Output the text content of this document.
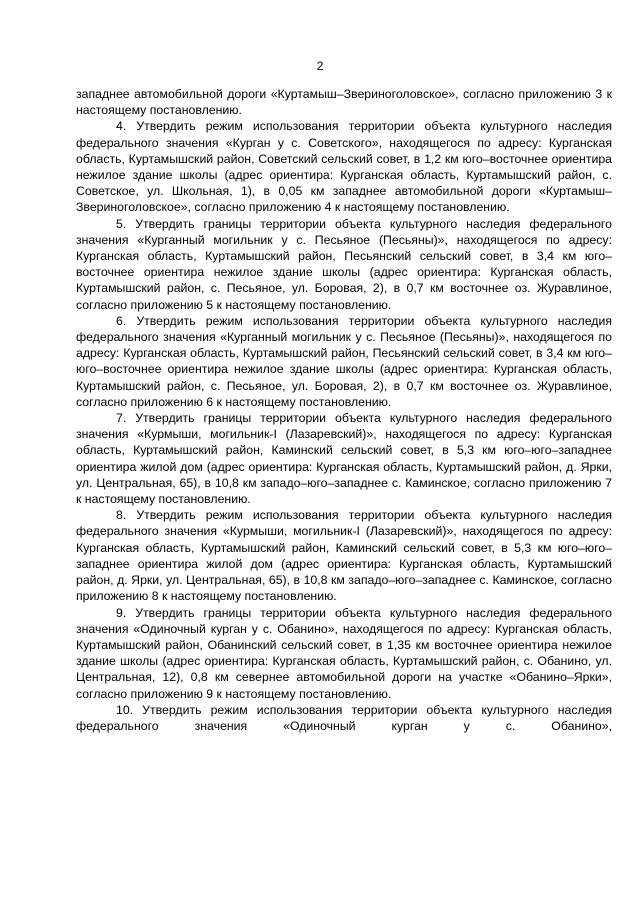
2

западнее автомобильной дороги «Куртамыш–Звериноголовское», согласно приложению 3 к настоящему постановлению.

4. Утвердить режим использования территории объекта культурного наследия федерального значения «Курган у с. Советского», находящегося по адресу: Курганская область, Куртамышский район, Советский сельский совет, в 1,2 км юго–восточнее ориентира нежилое здание школы (адрес ориентира: Курганская область, Куртамышский район, с. Советское, ул. Школьная, 1), в 0,05 км западнее автомобильной дороги «Куртамыш–Звериноголовское», согласно приложению 4 к настоящему постановлению.

5. Утвердить границы территории объекта культурного наследия федерального значения «Курганный могильник у с. Песьяное (Песьяны)», находящегося по адресу: Курганская область, Куртамышский район, Песьянский сельский совет, в 3,4 км юго–восточнее ориентира нежилое здание школы (адрес ориентира: Курганская область, Куртамышский район, с. Песьяное, ул. Боровая, 2), в 0,7 км восточнее оз. Журавлиное, согласно приложению 5 к настоящему постановлению.

6. Утвердить режим использования территории объекта культурного наследия федерального значения «Курганный могильник у с. Песьяное (Песьяны)», находящегося по адресу: Курганская область, Куртамышский район, Песьянский сельский совет, в 3,4 км юго–юго–восточнее ориентира нежилое здание школы (адрес ориентира: Курганская область, Куртамышский район, с. Песьяное, ул. Боровая, 2), в 0,7 км восточнее оз. Журавлиное, согласно приложению 6 к настоящему постановлению.

7. Утвердить границы территории объекта культурного наследия федерального значения «Курмыши, могильник-I (Лазаревский)», находящегося по адресу: Курганская область, Куртамышский район, Каминский сельский совет, в 5,3 км юго–юго–западнее ориентира жилой дом (адрес ориентира: Курганская область, Куртамышский район, д. Ярки, ул. Центральная, 65), в 10,8 км западо–юго–западнее с. Каминское, согласно приложению 7 к настоящему постановлению.

8. Утвердить режим использования территории объекта культурного наследия федерального значения «Курмыши, могильник-I (Лазаревский)», находящегося по адресу: Курганская область, Куртамышский район, Каминский сельский совет, в 5,3 км юго–юго–западнее ориентира жилой дом (адрес ориентира: Курганская область, Куртамышский район, д. Ярки, ул. Центральная, 65), в 10,8 км западо–юго–западнее с. Каминское, согласно приложению 8 к настоящему постановлению.

9. Утвердить границы территории объекта культурного наследия федерального значения «Одиночный курган у с. Обанино», находящегося по адресу: Курганская область, Куртамышский район, Обанинский сельский совет, в 1,35 км восточнее ориентира нежилое здание школы (адрес ориентира: Курганская область, Куртамышский район, с. Обанино, ул. Центральная, 12), 0,8 км севернее автомобильной дороги на участке «Обанино–Ярки», согласно приложению 9 к настоящему постановлению.

10. Утвердить режим использования территории объекта культурного наследия федерального значения «Одиночный курган у с. Обанино»,
